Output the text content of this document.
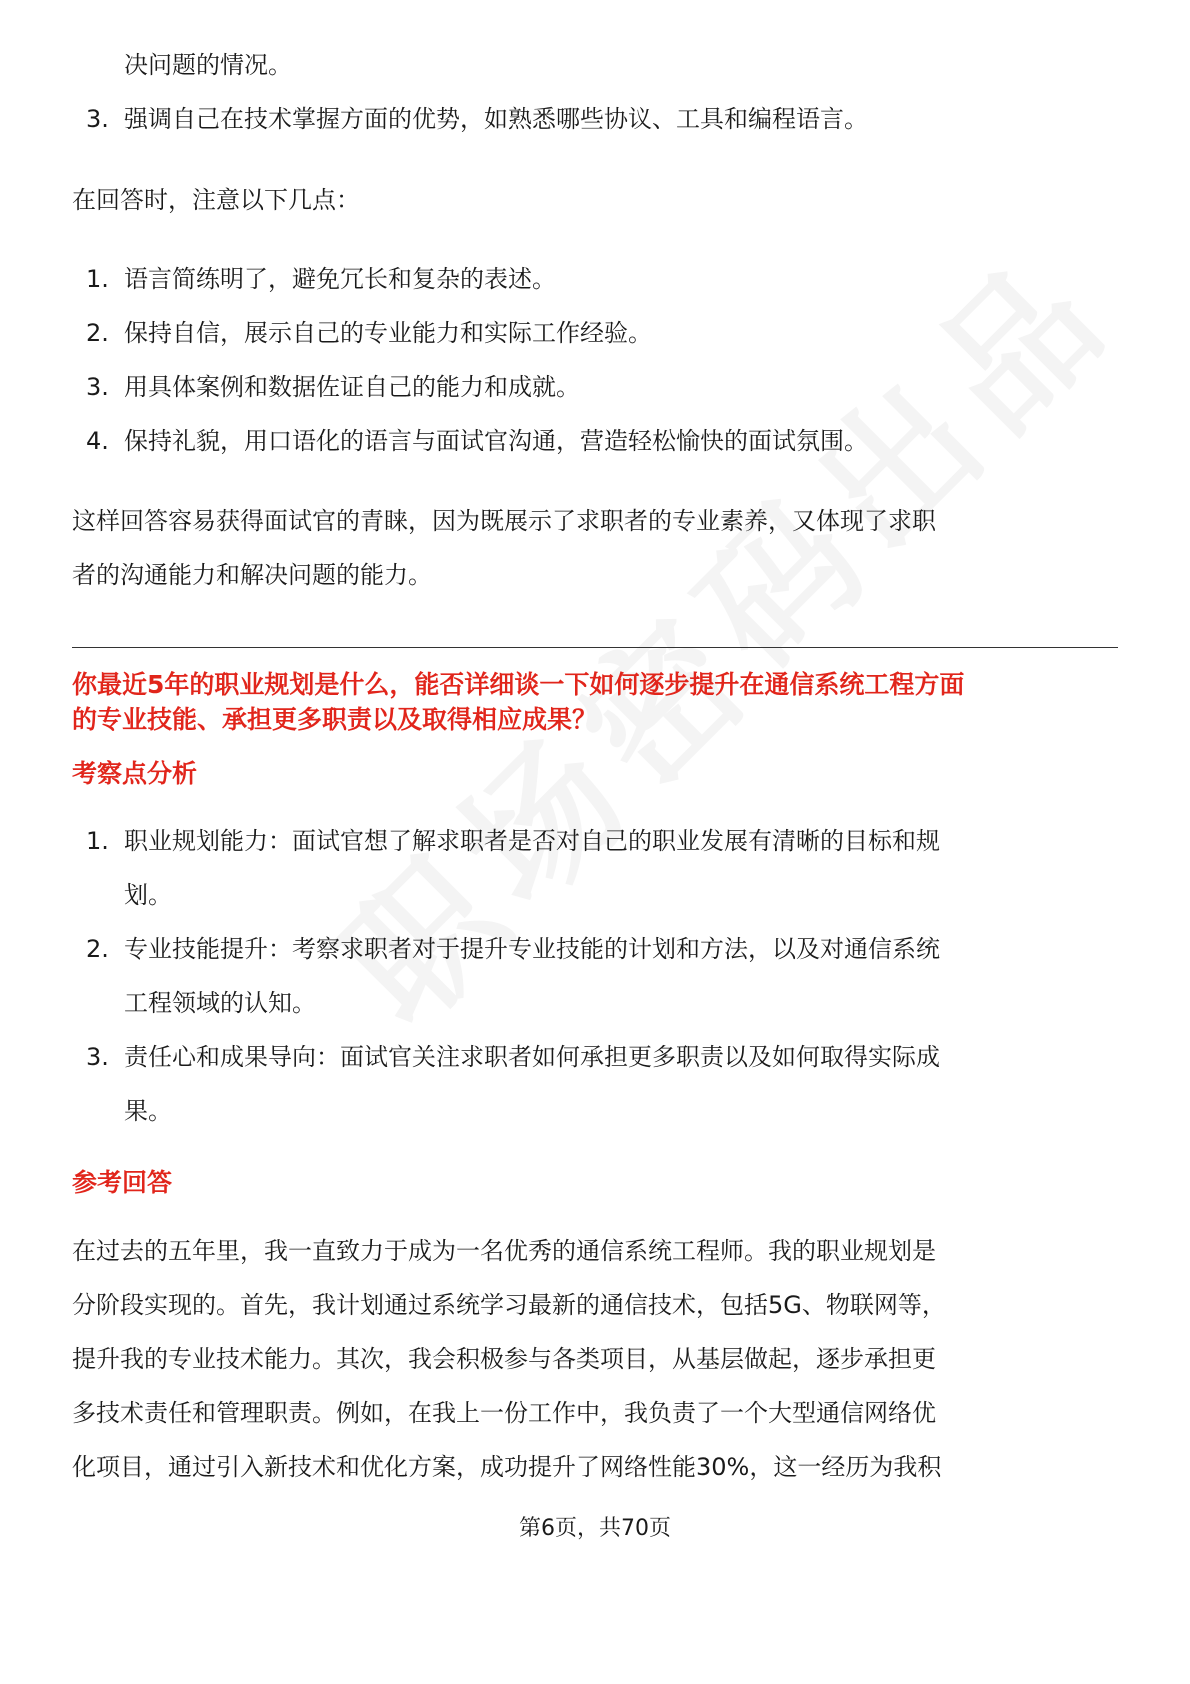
决问题的情况。
3. 强调自己在技术掌握方面的优势，如熟悉哪些协议、工具和编程语言。
在回答时，注意以下几点：
1. 语言简练明了，避免冗长和复杂的表述。
2. 保持自信，展示自己的专业能力和实际工作经验。
3. 用具体案例和数据佐证自己的能力和成就。
4. 保持礼貌，用口语化的语言与面试官沟通，营造轻松愉快的面试氛围。
这样回答容易获得面试官的青睐，因为既展示了求职者的专业素养，又体现了求职
者的沟通能力和解决问题的能力。
你最近5年的职业规划是什么，能否详细谈一下如何逐步提升在通信系统工程方面
的专业技能、承担更多职责以及取得相应成果？
考察点分析
1. 职业规划能力：面试官想了解求职者是否对自己的职业发展有清晰的目标和规
划。
2. 专业技能提升：考察求职者对于提升专业技能的计划和方法，以及对通信系统
工程领域的认知。
3. 责任心和成果导向：面试官关注求职者如何承担更多职责以及如何取得实际成
果。
参考回答
在过去的五年里，我一直致力于成为一名优秀的通信系统工程师。我的职业规划是
分阶段实现的。首先，我计划通过系统学习最新的通信技术，包括5G、物联网等，
提升我的专业技术能力。其次，我会积极参与各类项目，从基层做起，逐步承担更
多技术责任和管理职责。例如，在我上一份工作中，我负责了一个大型通信网络优
化项目，通过引入新技术和优化方案，成功提升了网络性能30%，这一经历为我积
第6页，共70页
